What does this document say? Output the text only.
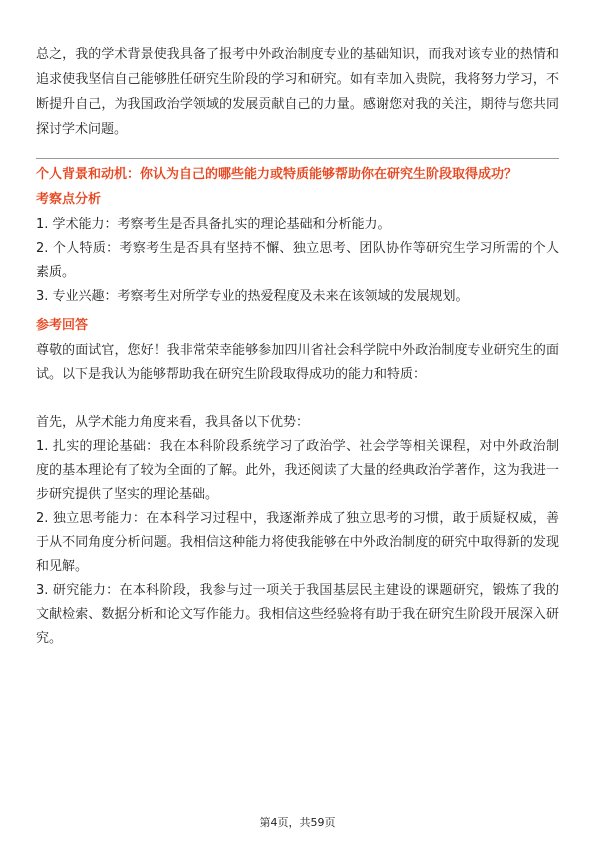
总之，我的学术背景使我具备了报考中外政治制度专业的基础知识，而我对该专业的热情和追求使我坚信自己能够胜任研究生阶段的学习和研究。如有幸加入贵院，我将努力学习，不断提升自己，为我国政治学领域的发展贡献自己的力量。感谢您对我的关注，期待与您共同探讨学术问题。

个人背景和动机：你认为自己的哪些能力或特质能够帮助你在研究生阶段取得成功？

考察点分析

1. 学术能力：考察考生是否具备扎实的理论基础和分析能力。

2. 个人特质：考察考生是否具有坚持不懈、独立思考、团队协作等研究生学习所需的个人素质。

3. 专业兴趣：考察考生对所学专业的热爱程度及未来在该领域的发展规划。

参考回答

尊敬的面试官，您好！我非常荣幸能够参加四川省社会科学院中外政治制度专业研究生的面试。以下是我认为能够帮助我在研究生阶段取得成功的能力和特质：

首先，从学术能力角度来看，我具备以下优势：

1. 扎实的理论基础：我在本科阶段系统学习了政治学、社会学等相关课程，对中外政治制度的基本理论有了较为全面的了解。此外，我还阅读了大量的经典政治学著作，这为我进一步研究提供了坚实的理论基础。

2. 独立思考能力：在本科学习过程中，我逐渐养成了独立思考的习惯，敢于质疑权威，善于从不同角度分析问题。我相信这种能力将使我能够在中外政治制度的研究中取得新的发现和见解。

3. 研究能力：在本科阶段，我参与过一项关于我国基层民主建设的课题研究，锻炼了我的文献检索、数据分析和论文写作能力。我相信这些经验将有助于我在研究生阶段开展深入研究。

第4页，共59页
